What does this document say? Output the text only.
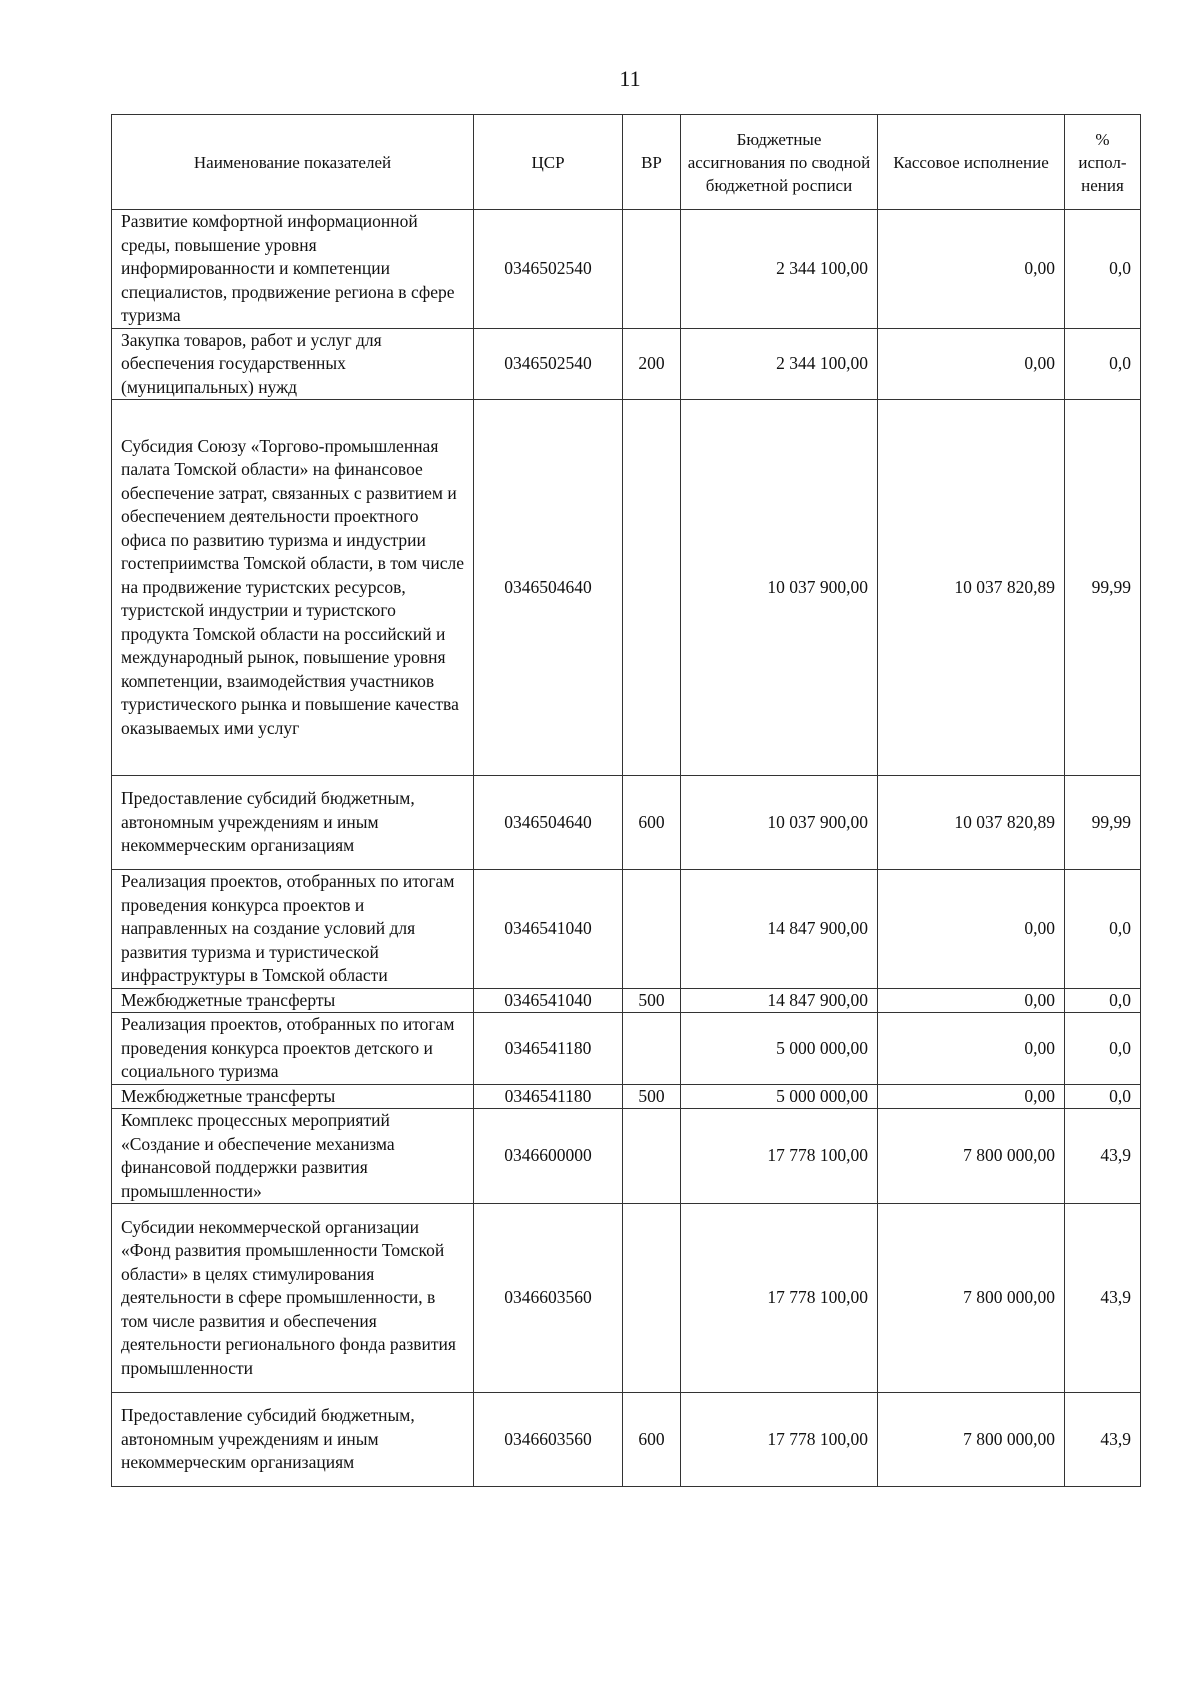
11
Наименование показателей	ЦСР	ВР	Бюджетные ассигнования по сводной бюджетной росписи	Кассовое исполнение	% испол-нения
Развитие комфортной информационной среды, повышение уровня информированности и компетенции специалистов, продвижение региона в сфере туризма	0346502540		2 344 100,00	0,00	0,0
Закупка товаров, работ и услуг для обеспечения государственных (муниципальных) нужд	0346502540	200	2 344 100,00	0,00	0,0
Субсидия Союзу «Торгово-промышленная палата Томской области» на финансовое обеспечение затрат, связанных с развитием и обеспечением деятельности проектного офиса по развитию туризма и индустрии гостеприимства Томской области, в том числе на продвижение туристских ресурсов, туристской индустрии и туристского продукта Томской области на российский и международный рынок, повышение уровня компетенции, взаимодействия участников туристического рынка и повышение качества оказываемых ими услуг	0346504640		10 037 900,00	10 037 820,89	99,99
Предоставление субсидий бюджетным, автономным учреждениям и иным некоммерческим организациям	0346504640	600	10 037 900,00	10 037 820,89	99,99
Реализация проектов, отобранных по итогам проведения конкурса проектов и направленных на создание условий для развития туризма и туристической инфраструктуры в Томской области	0346541040		14 847 900,00	0,00	0,0
Межбюджетные трансферты	0346541040	500	14 847 900,00	0,00	0,0
Реализация проектов, отобранных по итогам проведения конкурса проектов детского и социального туризма	0346541180		5 000 000,00	0,00	0,0
Межбюджетные трансферты	0346541180	500	5 000 000,00	0,00	0,0
Комплекс процессных мероприятий «Создание и обеспечение механизма финансовой поддержки развития промышленности»	0346600000		17 778 100,00	7 800 000,00	43,9
Субсидии некоммерческой организации «Фонд развития промышленности Томской области» в целях стимулирования деятельности в сфере промышленности, в том числе развития и обеспечения деятельности регионального фонда развития промышленности	0346603560		17 778 100,00	7 800 000,00	43,9
Предоставление субсидий бюджетным, автономным учреждениям и иным некоммерческим организациям	0346603560	600	17 778 100,00	7 800 000,00	43,9
